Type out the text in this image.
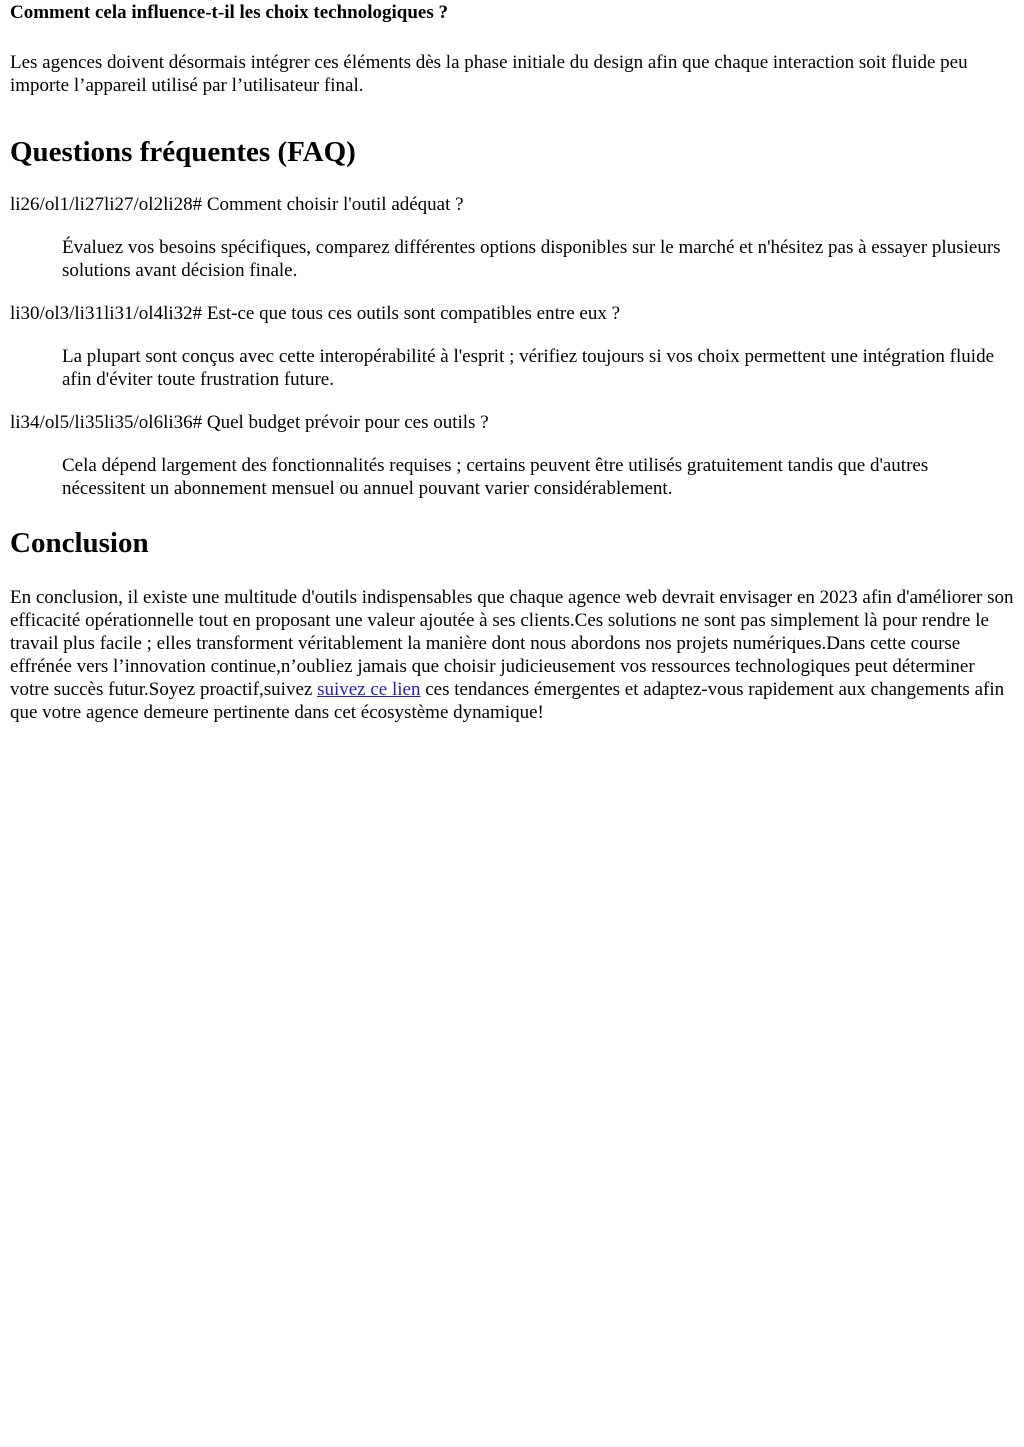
Comment cela influence-t-il les choix technologiques ?

Les agences doivent désormais intégrer ces éléments dès la phase initiale du design afin que chaque interaction soit fluide peu importe l’appareil utilisé par l’utilisateur final.

Questions fréquentes (FAQ)
li26/ol1/li27li27/ol2li28# Comment choisir l'outil adéquat ?
Évaluez vos besoins spécifiques, comparez différentes options disponibles sur le marché et n'hésitez pas à essayer plusieurs solutions avant décision finale.
li30/ol3/li31li31/ol4li32# Est-ce que tous ces outils sont compatibles entre eux ?
La plupart sont conçus avec cette interopérabilité à l'esprit ; vérifiez toujours si vos choix permettent une intégration fluide afin d'éviter toute frustration future.
li34/ol5/li35li35/ol6li36# Quel budget prévoir pour ces outils ?
Cela dépend largement des fonctionnalités requises ; certains peuvent être utilisés gratuitement tandis que d'autres nécessitent un abonnement mensuel ou annuel pouvant varier considérablement.
Conclusion

En conclusion, il existe une multitude d'outils indispensables que chaque agence web devrait envisager en 2023 afin d'améliorer son efficacité opérationnelle tout en proposant une valeur ajoutée à ses clients.Ces solutions ne sont pas simplement là pour rendre le travail plus facile ; elles transforment véritablement la manière dont nous abordons nos projets numériques.Dans cette course effrénée vers l’innovation continue,n’oubliez jamais que choisir judicieusement vos ressources technologiques peut déterminer votre succès futur.Soyez proactif,suivez suivez ce lien ces tendances émergentes et adaptez-vous rapidement aux changements afin que votre agence demeure pertinente dans cet écosystème dynamique!
